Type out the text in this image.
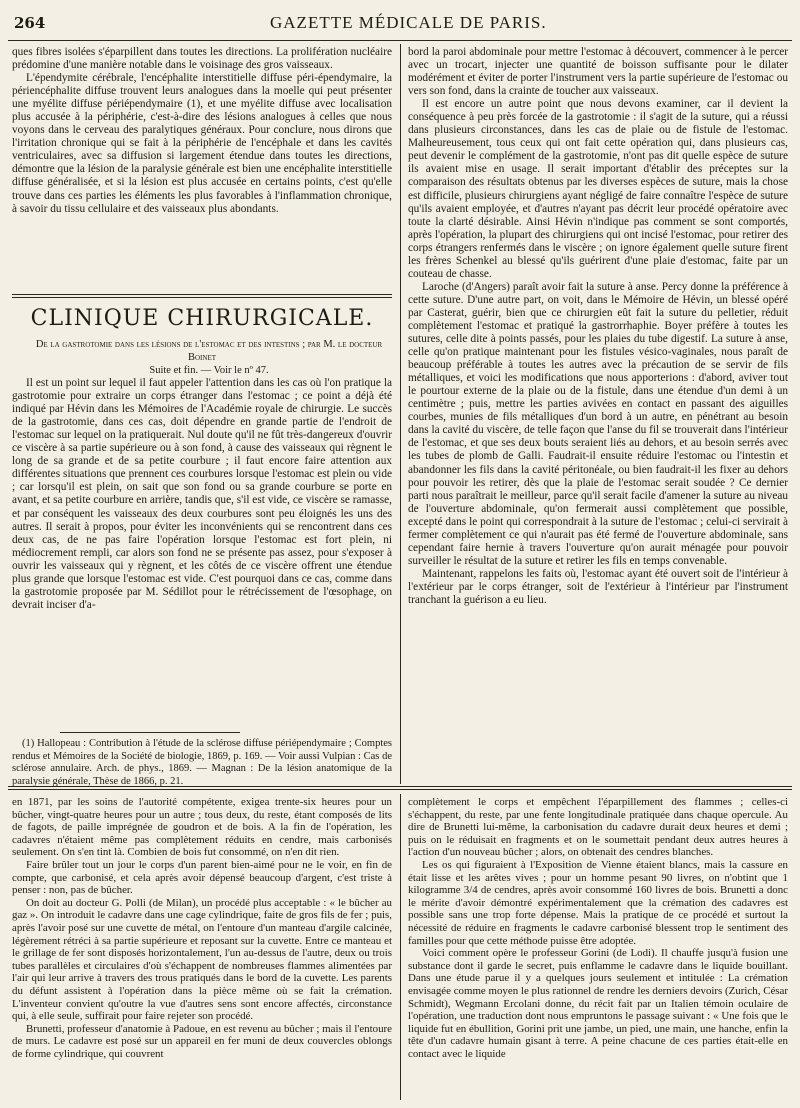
264	GAZETTE MÉDICALE DE PARIS.

ques fibres isolées s'éparpillent dans toutes les directions. La prolifération nucléaire prédomine d'une manière notable dans le voisinage des gros vaisseaux.

L'épendymite cérébrale, l'encéphalite interstitielle diffuse péri-épendymaire, la périencéphalite diffuse trouvent leurs analogues dans la moelle qui peut présenter une myélite diffuse périépendymaire (1), et une myélite diffuse avec localisation plus accusée à la périphérie, c'est-à-dire des lésions analogues à celles que nous voyons dans le cerveau des paralytiques généraux. Pour conclure, nous dirons que l'irritation chronique qui se fait à la périphérie de l'encéphale et dans les cavités ventriculaires, avec sa diffusion si largement étendue dans toutes les directions, démontre que la lésion de la paralysie générale est bien une encéphalite interstitielle diffuse généralisée, et si la lésion est plus accusée en certains points, c'est qu'elle trouve dans ces parties les éléments les plus favorables à l'inflammation chronique, à savoir du tissu cellulaire et des vaisseaux plus abondants.

CLINIQUE CHIRURGICALE.

De la gastrotomie dans les lésions de l'estomac et des intestins ; par M. le docteur Boinet

Suite et fin. — Voir le nº 47.

Il est un point sur lequel il faut appeler l'attention dans les cas où l'on pratique la gastrotomie pour extraire un corps étranger dans l'estomac ; ce point a déjà été indiqué par Hévin dans les Mémoires de l'Académie royale de chirurgie. Le succès de la gastrotomie, dans ces cas, doit dépendre en grande partie de l'endroit de l'estomac sur lequel on la pratiquerait. Nul doute qu'il ne fût très-dangereux d'ouvrir ce viscère à sa partie supérieure ou à son fond, à cause des vaisseaux qui règnent le long de sa grande et de sa petite courbure ; il faut encore faire attention aux différentes situations que prennent ces courbures lorsque l'estomac est plein ou vide ; car lorsqu'il est plein, on sait que son fond ou sa grande courbure se porte en avant, et sa petite courbure en arrière, tandis que, s'il est vide, ce viscère se ramasse, et par conséquent les vaisseaux des deux courbures sont peu éloignés les uns des autres. Il serait à propos, pour éviter les inconvénients qui se rencontrent dans ces deux cas, de ne pas faire l'opération lorsque l'estomac est fort plein, ni médiocrement rempli, car alors son fond ne se présente pas assez, pour s'exposer à ouvrir les vaisseaux qui y règnent, et les côtés de ce viscère offrent une étendue plus grande que lorsque l'estomac est vide. C'est pourquoi dans ce cas, comme dans la gastrotomie proposée par M. Sédillot pour le rétrécissement de l'œsophage, on devrait inciser d'a-

(1) Hallopeau : Contribution à l'étude de la sclérose diffuse périépendymaire ; Comptes rendus et Mémoires de la Société de biologie, 1869, p. 169. — Voir aussi Vulpian : Cas de sclérose annulaire. Arch. de phys., 1869. — Magnan : De la lésion anatomique de la paralysie générale, Thèse de 1866, p. 21.

bord la paroi abdominale pour mettre l'estomac à découvert, commencer à le percer avec un trocart, injecter une quantité de boisson suffisante pour le dilater modérément et éviter de porter l'instrument vers la partie supérieure de l'estomac ou vers son fond, dans la crainte de toucher aux vaisseaux.

Il est encore un autre point que nous devons examiner, car il devient la conséquence à peu près forcée de la gastrotomie : il s'agit de la suture, qui a réussi dans plusieurs circonstances, dans les cas de plaie ou de fistule de l'estomac. Malheureusement, tous ceux qui ont fait cette opération qui, dans plusieurs cas, peut devenir le complément de la gastrotomie, n'ont pas dit quelle espèce de suture ils avaient mise en usage. Il serait important d'établir des préceptes sur la comparaison des résultats obtenus par les diverses espèces de suture, mais la chose est difficile, plusieurs chirurgiens ayant négligé de faire connaître l'espèce de suture qu'ils avaient employée, et d'autres n'ayant pas décrit leur procédé opératoire avec toute la clarté désirable. Ainsi Hévin n'indique pas comment se sont comportés, après l'opération, la plupart des chirurgiens qui ont incisé l'estomac, pour retirer des corps étrangers renfermés dans le viscère ; on ignore également quelle suture firent les frères Schenkel au blessé qu'ils guérirent d'une plaie d'estomac, faite par un couteau de chasse.

Laroche (d'Angers) paraît avoir fait la suture à anse. Percy donne la préférence à cette suture. D'une autre part, on voit, dans le Mémoire de Hévin, un blessé opéré par Casterat, guérir, bien que ce chirurgien eût fait la suture du pelletier, réduit complètement l'estomac et pratiqué la gastrorrhaphie. Boyer préfère à toutes les sutures, celle dite à points passés, pour les plaies du tube digestif. La suture à anse, celle qu'on pratique maintenant pour les fistules vésico-vaginales, nous paraît de beaucoup préférable à toutes les autres avec la précaution de se servir de fils métalliques, et voici les modifications que nous apporterions : d'abord, aviver tout le pourtour externe de la plaie ou de la fistule, dans une étendue d'un demi à un centimètre ; puis, mettre les parties avivées en contact en passant des aiguilles courbes, munies de fils métalliques d'un bord à un autre, en pénétrant au besoin dans la cavité du viscère, de telle façon que l'anse du fil se trouverait dans l'intérieur de l'estomac, et que ses deux bouts seraient liés au dehors, et au besoin serrés avec les tubes de plomb de Galli. Faudrait-il ensuite réduire l'estomac ou l'intestin et abandonner les fils dans la cavité péritonéale, ou bien faudrait-il les fixer au dehors pour pouvoir les retirer, dès que la plaie de l'estomac serait soudée ? Ce dernier parti nous paraîtrait le meilleur, parce qu'il serait facile d'amener la suture au niveau de l'ouverture abdominale, qu'on fermerait aussi complètement que possible, excepté dans le point qui correspondrait à la suture de l'estomac ; celui-ci servirait à fermer complètement ce qui n'aurait pas été fermé de l'ouverture abdominale, sans cependant faire hernie à travers l'ouverture qu'on aurait ménagée pour pouvoir surveiller le résultat de la suture et retirer les fils en temps convenable.

Maintenant, rappelons les faits où, l'estomac ayant été ouvert soit de l'intérieur à l'extérieur par le corps étranger, soit de l'extérieur à l'intérieur par l'instrument tranchant la guérison a eu lieu.

en 1871, par les soins de l'autorité compétente, exigea trente-six heures pour un bûcher, vingt-quatre heures pour un autre ; tous deux, du reste, étant composés de lits de fagots, de paille imprégnée de goudron et de bois. A la fin de l'opération, les cadavres n'étaient même pas complètement réduits en cendre, mais carbonisés seulement. On s'en tint là. Combien de bois fut consommé, on n'en dit rien.

Faire brûler tout un jour le corps d'un parent bien-aimé pour ne le voir, en fin de compte, que carbonisé, et cela après avoir dépensé beaucoup d'argent, c'est triste à penser : non, pas de bûcher.

On doit au docteur G. Polli (de Milan), un procédé plus acceptable : « le bûcher au gaz ». On introduit le cadavre dans une cage cylindrique, faite de gros fils de fer ; puis, après l'avoir posé sur une cuvette de métal, on l'entoure d'un manteau d'argile calcinée, légèrement rétréci à sa partie supérieure et reposant sur la cuvette. Entre ce manteau et le grillage de fer sont disposés horizontalement, l'un au-dessus de l'autre, deux ou trois tubes parallèles et circulaires d'où s'échappent de nombreuses flammes alimentées par l'air qui leur arrive à travers des trous pratiqués dans le bord de la cuvette. Les parents du défunt assistent à l'opération dans la pièce même où se fait la crémation. L'inventeur convient qu'outre la vue d'autres sens sont encore affectés, circonstance qui, à elle seule, suffirait pour faire rejeter son procédé.

Brunetti, professeur d'anatomie à Padoue, en est revenu au bûcher ; mais il l'entoure de murs. Le cadavre est posé sur un appareil en fer muni de deux couvercles oblongs de forme cylindrique, qui couvrent

complètement le corps et empêchent l'éparpillement des flammes ; celles-ci s'échappent, du reste, par une fente longitudinale pratiquée dans chaque opercule. Au dire de Brunetti lui-même, la carbonisation du cadavre durait deux heures et demi ; puis on le réduisait en fragments et on le soumettait pendant deux autres heures à l'action d'un nouveau bûcher ; alors, on obtenait des cendres blanches.

Les os qui figuraient à l'Exposition de Vienne étaient blancs, mais la cassure en était lisse et les arêtes vives ; pour un homme pesant 90 livres, on n'obtint que 1 kilogramme 3/4 de cendres, après avoir consommé 160 livres de bois. Brunetti a donc le mérite d'avoir démontré expérimentalement que la crémation des cadavres est possible sans une trop forte dépense. Mais la pratique de ce procédé et surtout la nécessité de réduire en fragments le cadavre carbonisé blessent trop le sentiment des familles pour que cette méthode puisse être adoptée.

Voici comment opère le professeur Gorini (de Lodi). Il chauffe jusqu'à fusion une substance dont il garde le secret, puis enflamme le cadavre dans le liquide bouillant. Dans une étude parue il y a quelques jours seulement et intitulée : La crémation envisagée comme moyen le plus rationnel de rendre les derniers devoirs (Zurich, César Schmidt), Wegmann Ercolani donne, du récit fait par un Italien témoin oculaire de l'opération, une traduction dont nous empruntons le passage suivant : « Une fois que le liquide fut en ébullition, Gorini prit une jambe, un pied, une main, une hanche, enfin la tête d'un cadavre humain gisant à terre. A peine chacune de ces parties était-elle en contact avec le liquide
